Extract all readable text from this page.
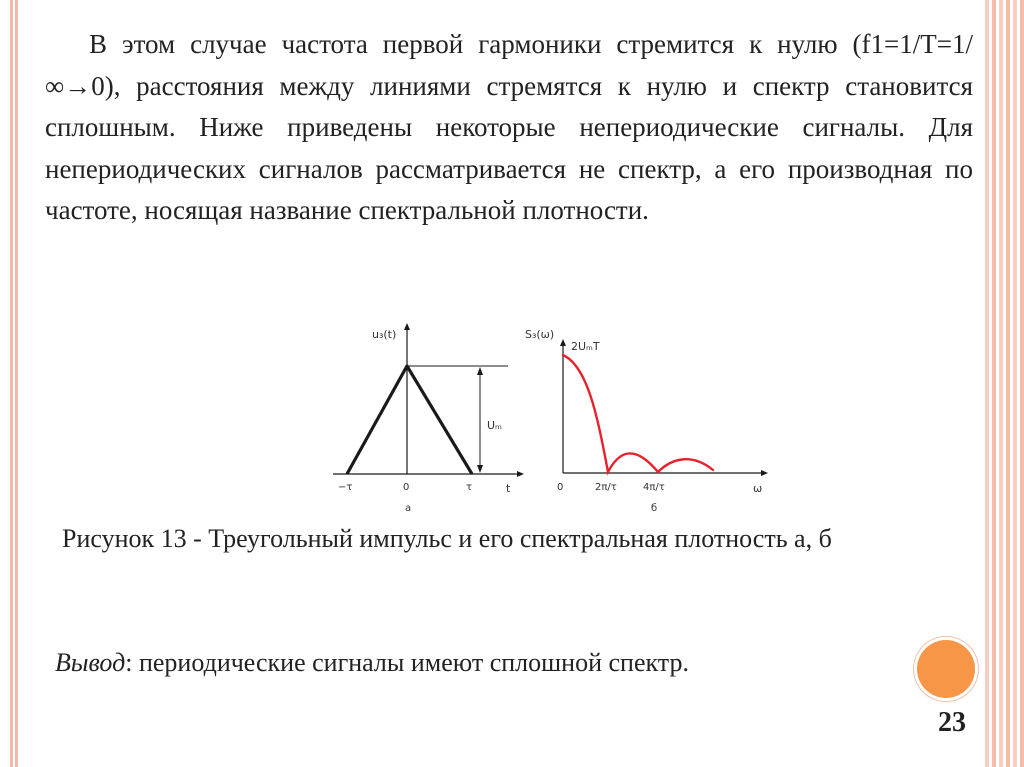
В этом случае частота первой гармоники стремится к нулю (f1=1/T=1/∞→0), расстояния между линиями стремятся к нулю и спектр становится сплошным. Ниже приведены некоторые непериодические сигналы. Для непериодических сигналов рассматривается не спектр, а его производная по частоте, носящая название спектральной плотности.

u₃(t)
Uₘ
−τ	0	τ	t
а
S₃(ω)
2UₘT
0	2π/τ	4π/τ	ω
б

Рисунок 13 - Треугольный импульс и его спектральная плотность а, б

Вывод: периодические сигналы имеют сплошной спектр.

23
